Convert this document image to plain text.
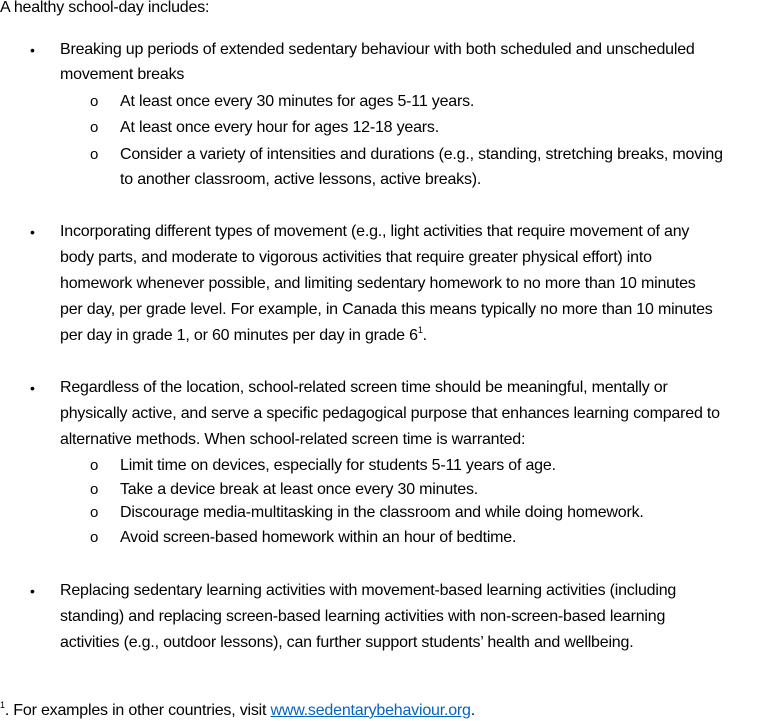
A healthy school-day includes:
• Breaking up periods of extended sedentary behaviour with both scheduled and unscheduled
movement breaks
o At least once every 30 minutes for ages 5-11 years.
o At least once every hour for ages 12-18 years.
o Consider a variety of intensities and durations (e.g., standing, stretching breaks, moving
to another classroom, active lessons, active breaks).
• Incorporating different types of movement (e.g., light activities that require movement of any
body parts, and moderate to vigorous activities that require greater physical effort) into
homework whenever possible, and limiting sedentary homework to no more than 10 minutes
per day, per grade level. For example, in Canada this means typically no more than 10 minutes
per day in grade 1, or 60 minutes per day in grade $6^1$.
• Regardless of the location, school-related screen time should be meaningful, mentally or
physically active, and serve a specific pedagogical purpose that enhances learning compared to
alternative methods. When school-related screen time is warranted:
o Limit time on devices, especially for students 5-11 years of age.
o Take a device break at least once every 30 minutes.
o Discourage media-multitasking in the classroom and while doing homework.
o Avoid screen-based homework within an hour of bedtime.
• Replacing sedentary learning activities with movement-based learning activities (including
standing) and replacing screen-based learning activities with non-screen-based learning
activities (e.g., outdoor lessons), can further support students’ health and wellbeing.
$^1$. For examples in other countries, visit www.sedentarybehaviour.org.
